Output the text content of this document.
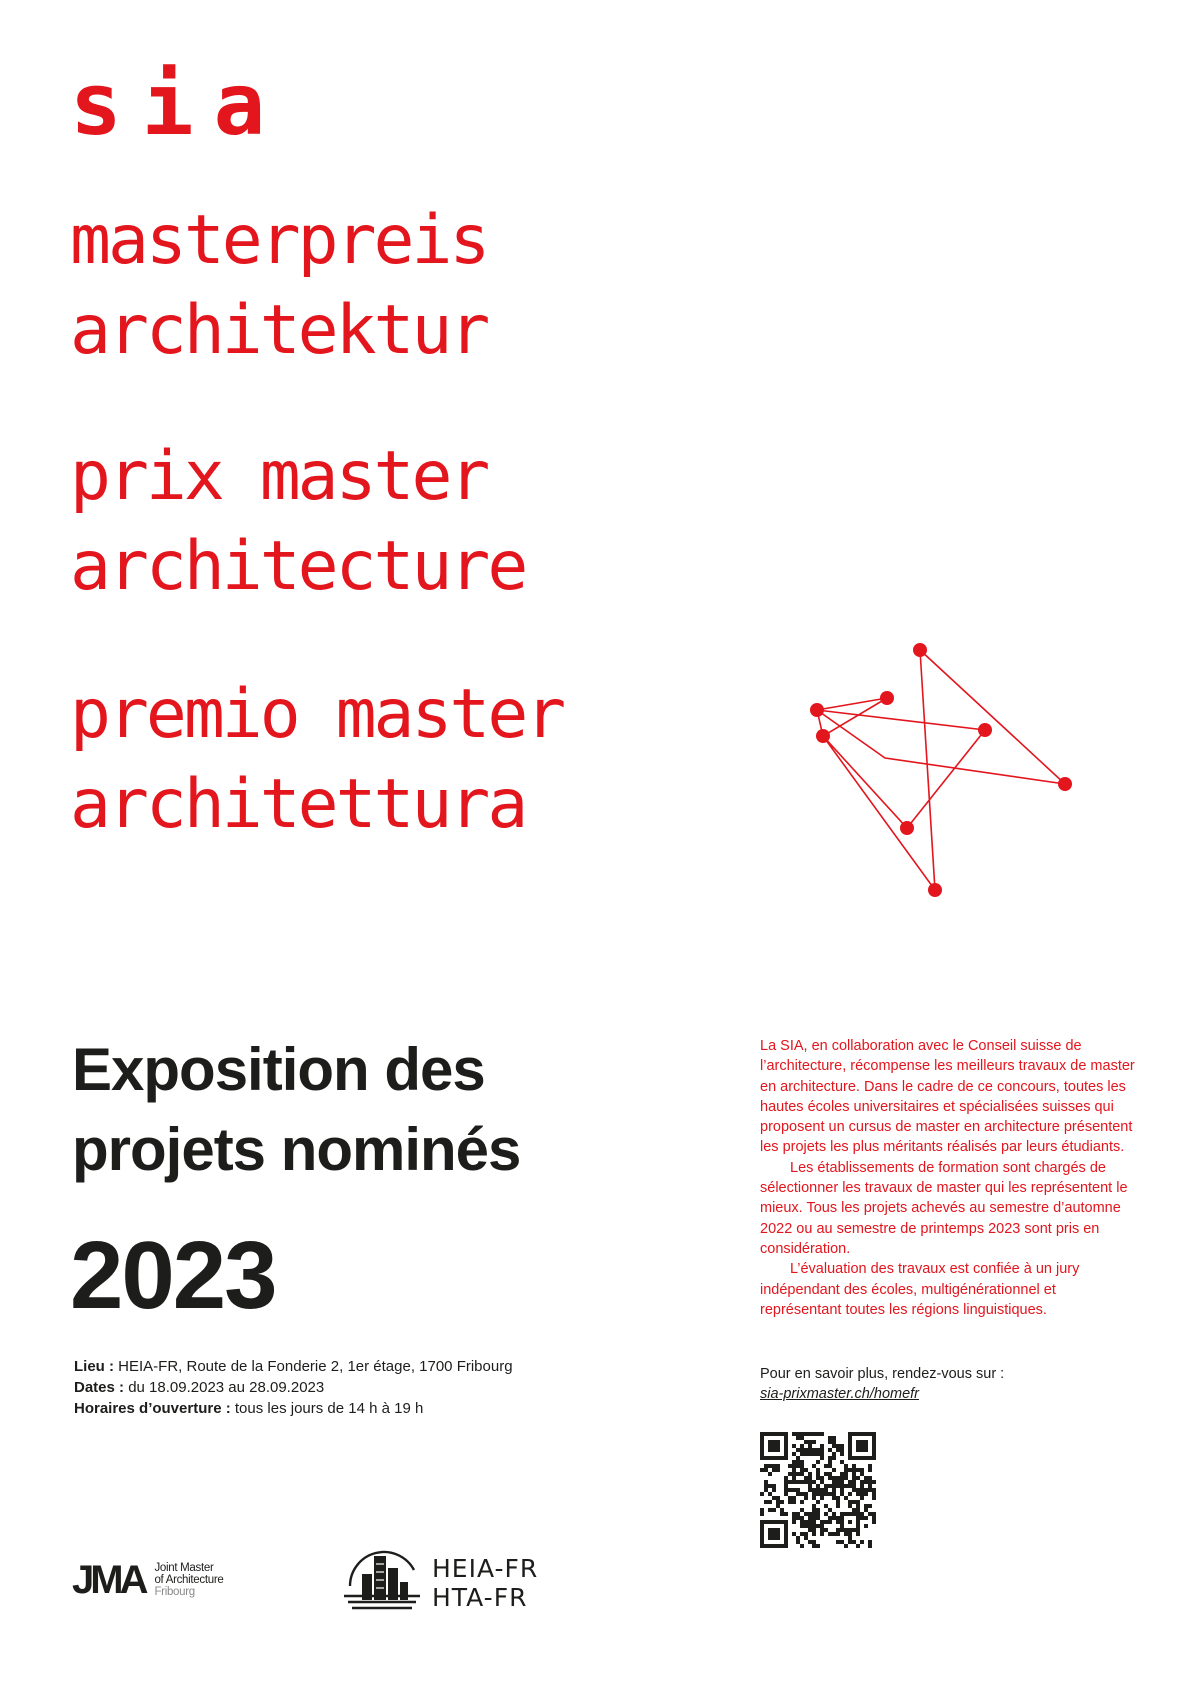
sia
masterpreis
architektur
prix master
architecture
premio master
architettura
Exposition des
projets nominés
2023
Lieu : HEIA-FR, Route de la Fonderie 2, 1er étage, 1700 Fribourg
Dates : du 18.09.2023 au 28.09.2023
Horaires d’ouverture : tous les jours de 14 h à 19 h

La SIA, en collaboration avec le Conseil suisse de l’architecture, récompense les meilleurs travaux de master en architecture. Dans le cadre de ce concours, toutes les hautes écoles universitaires et spécialisées suisses qui proposent un cursus de master en architecture présentent les projets les plus méritants réalisés par leurs étudiants.

Les établissements de formation sont chargés de sélectionner les travaux de master qui les représentent le mieux. Tous les projets achevés au semestre d’automne 2022 ou au semestre de printemps 2023 sont pris en considération.

L’évaluation des travaux est confiée à un jury indépendant des écoles, multigénérationnel et représentant toutes les régions linguistiques.

Pour en savoir plus, rendez-vous sur :
sia-prixmaster.ch/homefr
JMA Joint Master
of Architecture
Fribourg
HEIA-FR
HTA-FR
